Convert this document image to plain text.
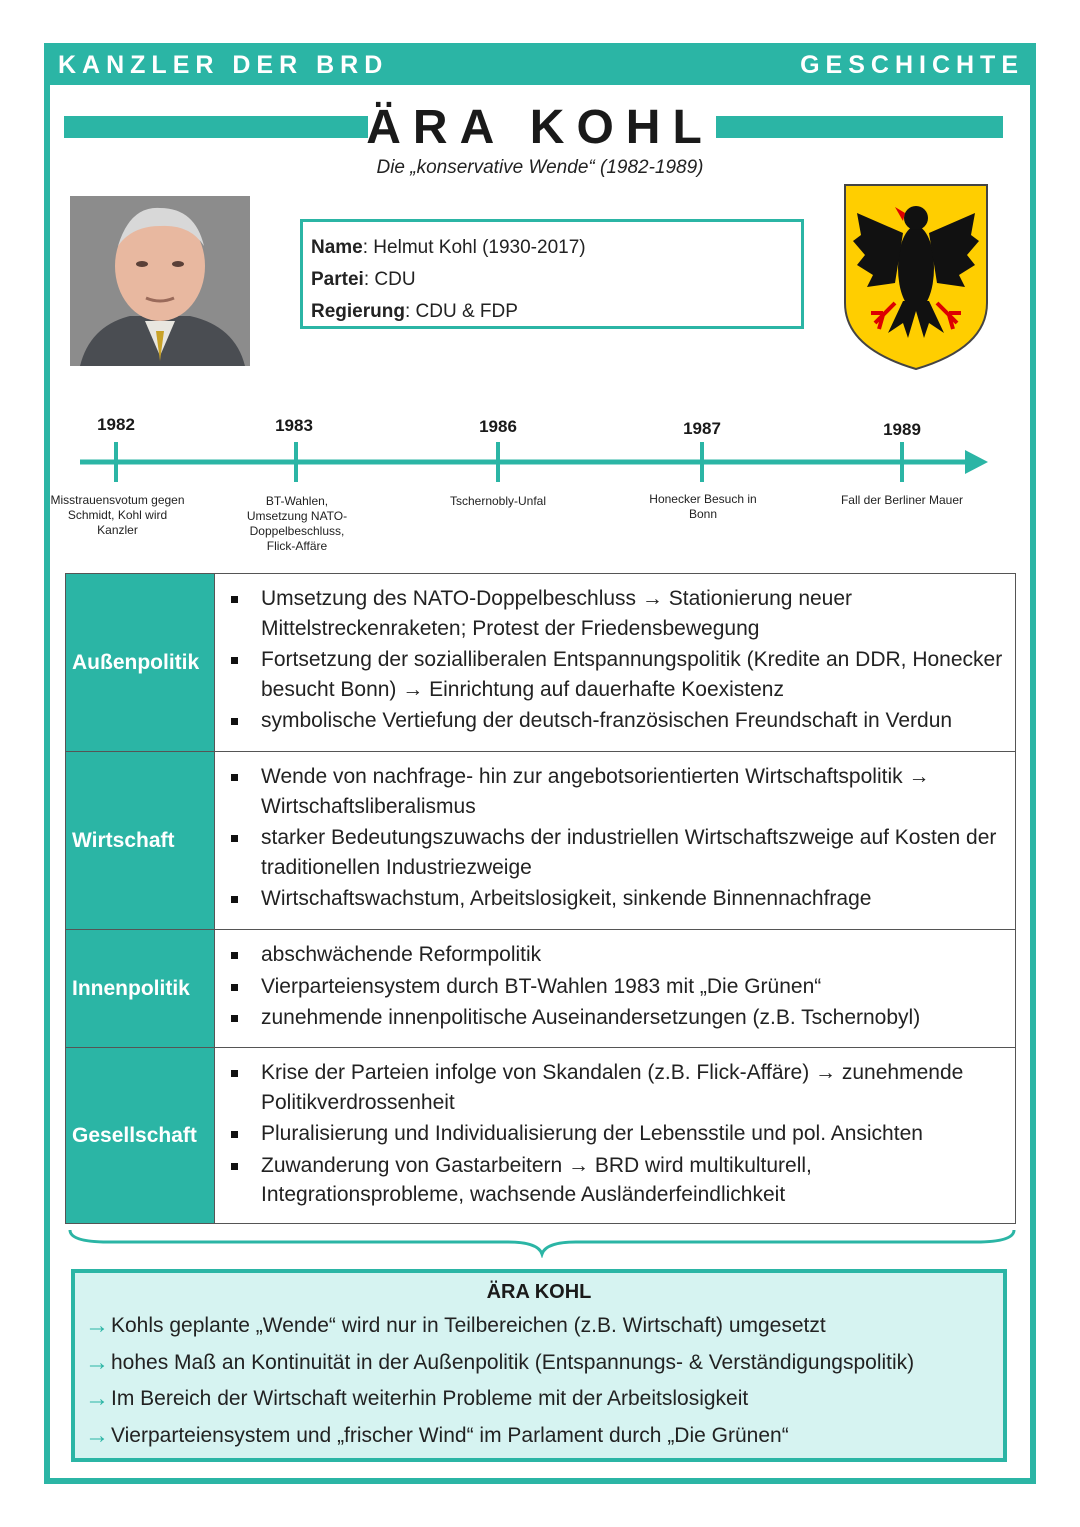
KANZLER DER BRD	GESCHICHTE
ÄRA KOHL
Die „konservative Wende“ (1982-1989)
Name: Helmut Kohl (1930-2017)
Partei: CDU
Regierung: CDU & FDP
1982	1983	1986	1987	1989
Misstrauensvotum gegen Schmidt, Kohl wird Kanzler
BT-Wahlen, Umsetzung NATO-Doppelbeschluss, Flick-Affäre
Tschernobly-Unfal	Honecker Besuch in Bonn
Fall der Berliner Mauer
Außenpolitik
Umsetzung des NATO-Doppelbeschluss → Stationierung neuer Mittelstreckenraketen; Protest der Friedensbewegung
Fortsetzung der sozialliberalen Entspannungspolitik (Kredite an DDR, Honecker besucht Bonn) → Einrichtung auf dauerhafte Koexistenz
symbolische Vertiefung der deutsch-französischen Freundschaft in Verdun
Wirtschaft
Wende von nachfrage- hin zur angebotsorientierten Wirtschaftspolitik → Wirtschaftsliberalismus
starker Bedeutungszuwachs der industriellen Wirtschaftszweige auf Kosten der traditionellen Industriezweige
Wirtschaftswachstum, Arbeitslosigkeit, sinkende Binnennachfrage
Innenpolitik
abschwächende Reformpolitik
Vierparteiensystem durch BT-Wahlen 1983 mit „Die Grünen“
zunehmende innenpolitische Auseinandersetzungen (z.B. Tschernobyl)
Gesellschaft
Krise der Parteien infolge von Skandalen (z.B. Flick-Affäre) → zunehmende Politikverdrossenheit
Pluralisierung und Individualisierung der Lebensstile und pol. Ansichten
Zuwanderung von Gastarbeitern → BRD wird multikulturell, Integrationsprobleme, wachsende Ausländerfeindlichkeit
ÄRA KOHL
→ Kohls geplante „Wende“ wird nur in Teilbereichen (z.B. Wirtschaft) umgesetzt
→ hohes Maß an Kontinuität in der Außenpolitik (Entspannungs- & Verständigungspolitik)
→ Im Bereich der Wirtschaft weiterhin Probleme mit der Arbeitslosigkeit
→ Vierparteiensystem und „frischer Wind“ im Parlament durch „Die Grünen“
